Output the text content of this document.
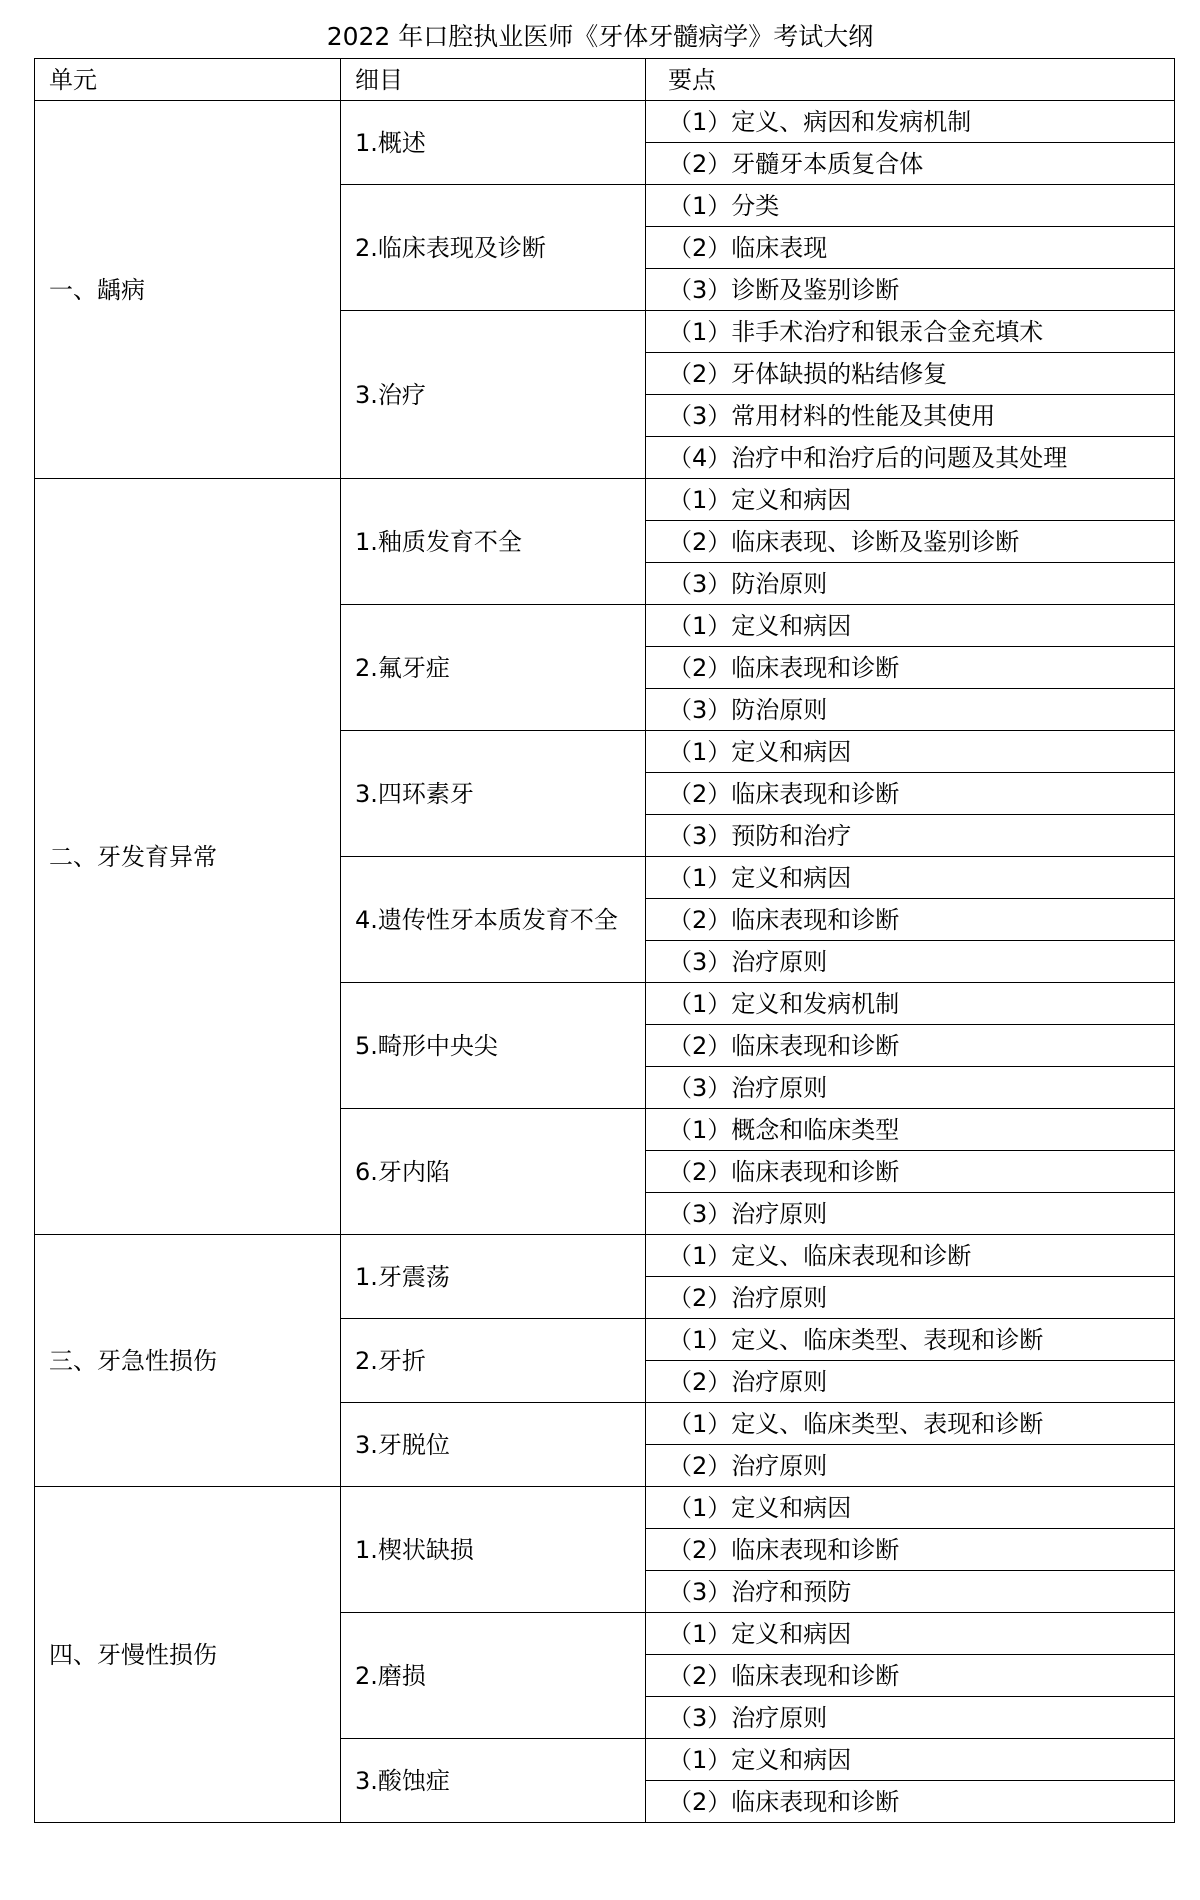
2022 年口腔执业医师《牙体牙髓病学》考试大纲
单元	细目	要点
一、龋病	1.概述	（1）定义、病因和发病机制
		（2）牙髓牙本质复合体
	2.临床表现及诊断	（1）分类
		（2）临床表现
		（3）诊断及鉴别诊断
	3.治疗	（1）非手术治疗和银汞合金充填术
		（2）牙体缺损的粘结修复
		（3）常用材料的性能及其使用
		（4）治疗中和治疗后的问题及其处理
二、牙发育异常	1.釉质发育不全	（1）定义和病因
		（2）临床表现、诊断及鉴别诊断
		（3）防治原则
	2.氟牙症	（1）定义和病因
		（2）临床表现和诊断
		（3）防治原则
	3.四环素牙	（1）定义和病因
		（2）临床表现和诊断
		（3）预防和治疗
	4.遗传性牙本质发育不全	（1）定义和病因
		（2）临床表现和诊断
		（3）治疗原则
	5.畸形中央尖	（1）定义和发病机制
		（2）临床表现和诊断
		（3）治疗原则
	6.牙内陷	（1）概念和临床类型
		（2）临床表现和诊断
		（3）治疗原则
三、牙急性损伤	1.牙震荡	（1）定义、临床表现和诊断
		（2）治疗原则
	2.牙折	（1）定义、临床类型、表现和诊断
		（2）治疗原则
	3.牙脱位	（1）定义、临床类型、表现和诊断
		（2）治疗原则
四、牙慢性损伤	1.楔状缺损	（1）定义和病因
		（2）临床表现和诊断
		（3）治疗和预防
	2.磨损	（1）定义和病因
		（2）临床表现和诊断
		（3）治疗原则
	3.酸蚀症	（1）定义和病因
		（2）临床表现和诊断
